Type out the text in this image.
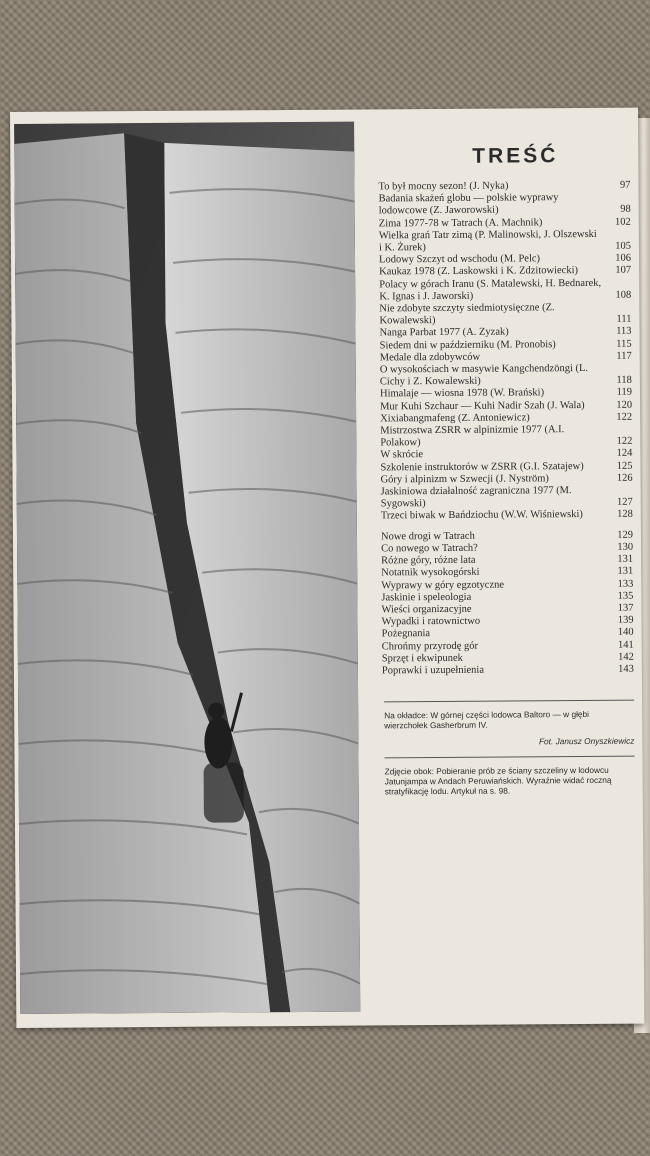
TREŚĆ
To był mocny sezon! (J. Nyka)	97
Badania skażeń globu — polskie wyprawy lodowcowe (Z. Jaworowski)	98
Zima 1977-78 w Tatrach (A. Machnik)	102
Wielka grań Tatr zimą (P. Malinowski, J. Olszewski i K. Żurek)	105
Lodowy Szczyt od wschodu (M. Pelc)	106
Kaukaz 1978 (Z. Laskowski i K. Zdzitowiecki)	107
Polacy w górach Iranu (S. Matalewski, H. Bednarek, K. Ignas i J. Jaworski)	108
Nie zdobyte szczyty siedmiotysięczne (Z. Kowalewski)	111
Nanga Parbat 1977 (A. Zyzak)	113
Siedem dni w październiku (M. Pronobis)	115
Medale dla zdobywców	117
O wysokościach w masywie Kangchendzöngi (L. Cichy i Z. Kowalewski)	118
Himalaje — wiosna 1978 (W. Brański)	119
Mur Kuhi Szchaur — Kuhi Nadir Szah (J. Wala)	120
Xixiabangmafeng (Z. Antoniewicz)	122
Mistrzostwa ZSRR w alpinizmie 1977 (A.I. Polakow)	122
W skrócie	124
Szkolenie instruktorów w ZSRR (G.I. Szatajew)	125
Góry i alpinizm w Szwecji (J. Nyström)	126
Jaskiniowa działalność zagraniczna 1977 (M. Sygowski)	127
Trzeci biwak w Bańdziochu (W.W. Wiśniewski)	128
Nowe drogi w Tatrach	129
Co nowego w Tatrach?	130
Różne góry, różne lata	131
Notatnik wysokogórski	131
Wyprawy w góry egzotyczne	133
Jaskinie i speleologia	135
Wieści organizacyjne	137
Wypadki i ratownictwo	139
Pożegnania	140
Chrońmy przyrodę gór	141
Sprzęt i ekwipunek	142
Poprawki i uzupełnienia	143
Na okładce: W górnej części lodowca Baltoro — w głębi wierzchołek Gasherbrum IV.
Fot. Janusz Onyszkiewicz
Zdjęcie obok: Pobieranie prób ze ściany szczeliny w lodowcu Jatunjampa w Andach Peruwiańskich. Wyraźnie widać roczną stratyfikację lodu. Artykuł na s. 98.
